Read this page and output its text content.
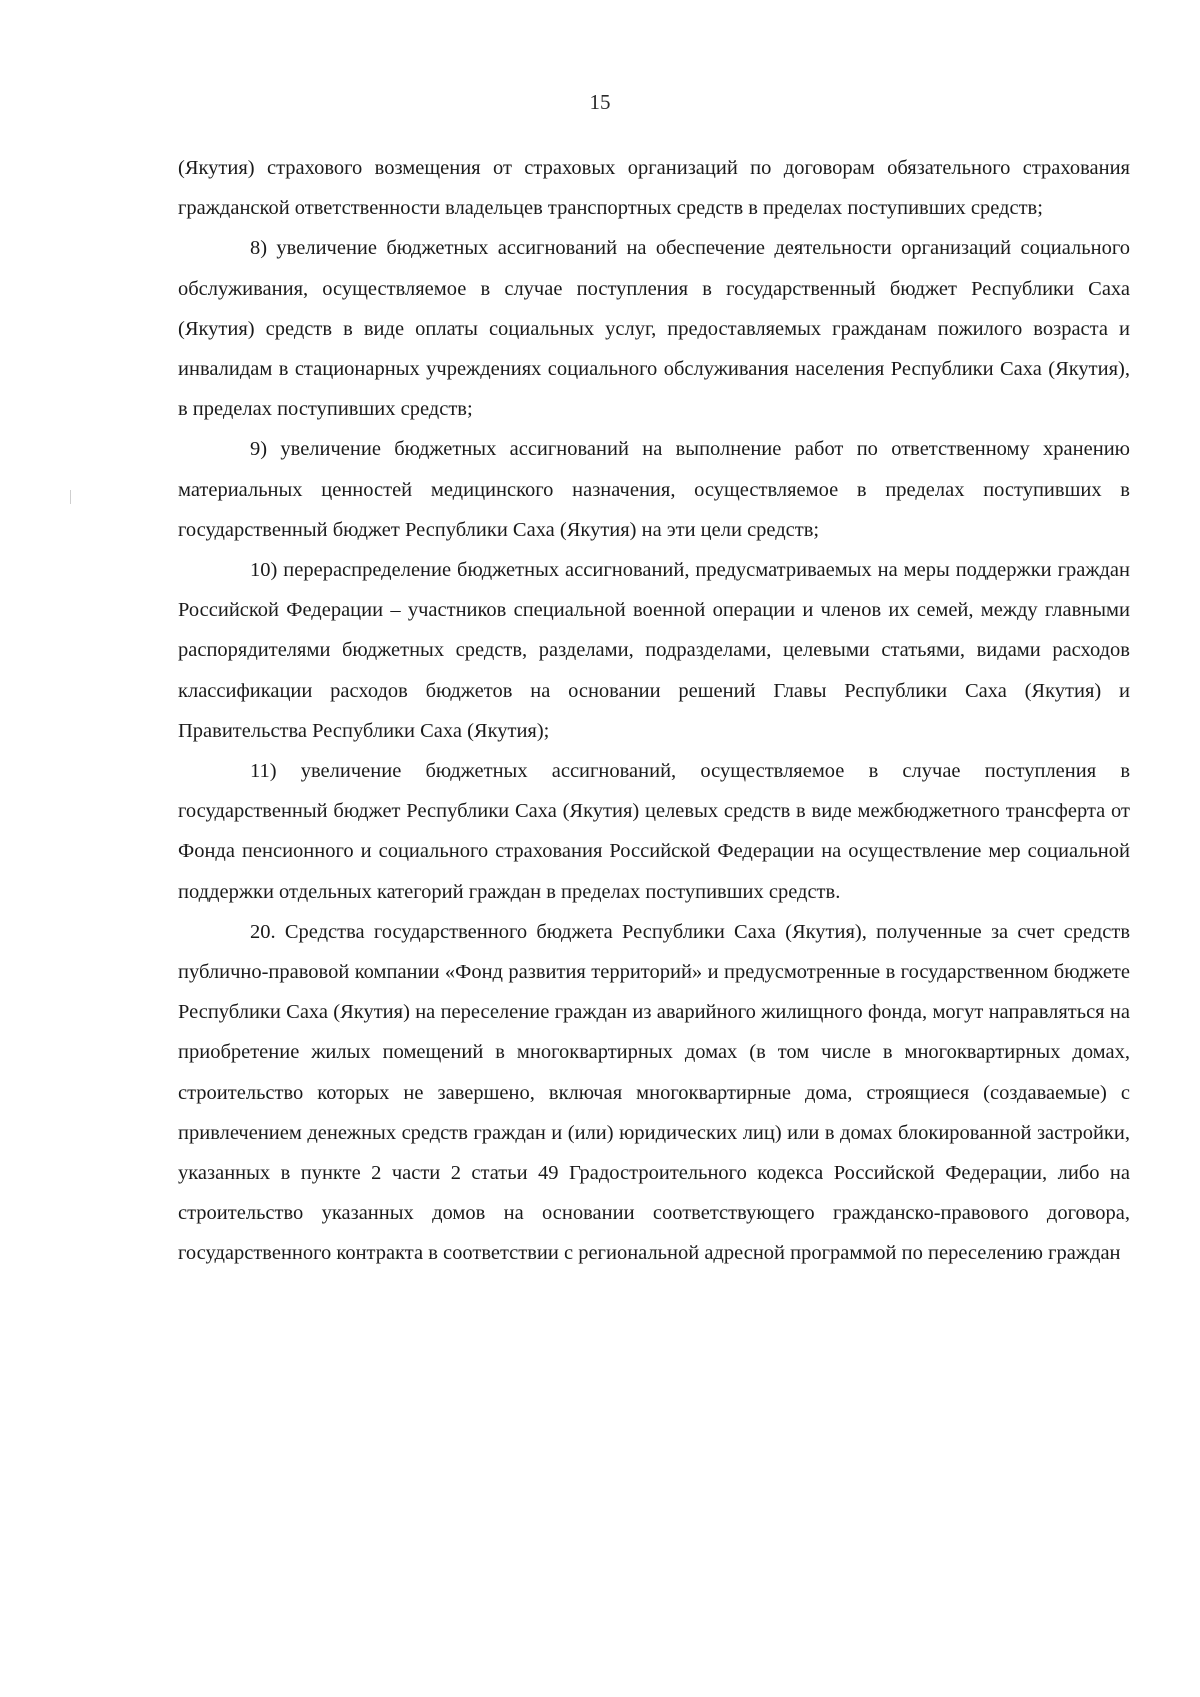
15

(Якутия) страхового возмещения от страховых организаций по договорам обязательного страхования гражданской ответственности владельцев транспортных средств в пределах поступивших средств;

8) увеличение бюджетных ассигнований на обеспечение деятельности организаций социального обслуживания, осуществляемое в случае поступления в государственный бюджет Республики Саха (Якутия) средств в виде оплаты социальных услуг, предоставляемых гражданам пожилого возраста и инвалидам в стационарных учреждениях социального обслуживания населения Республики Саха (Якутия), в пределах поступивших средств;

9) увеличение бюджетных ассигнований на выполнение работ по ответственному хранению материальных ценностей медицинского назначения, осуществляемое в пределах поступивших в государственный бюджет Республики Саха (Якутия) на эти цели средств;

10) перераспределение бюджетных ассигнований, предусматриваемых на меры поддержки граждан Российской Федерации – участников специальной военной операции и членов их семей, между главными распорядителями бюджетных средств, разделами, подразделами, целевыми статьями, видами расходов классификации расходов бюджетов на основании решений Главы Республики Саха (Якутия) и Правительства Республики Саха (Якутия);

11) увеличение бюджетных ассигнований, осуществляемое в случае поступления в государственный бюджет Республики Саха (Якутия) целевых средств в виде межбюджетного трансферта от Фонда пенсионного и социального страхования Российской Федерации на осуществление мер социальной поддержки отдельных категорий граждан в пределах поступивших средств.

20. Средства государственного бюджета Республики Саха (Якутия), полученные за счет средств публично-правовой компании «Фонд развития территорий» и предусмотренные в государственном бюджете Республики Саха (Якутия) на переселение граждан из аварийного жилищного фонда, могут направляться на приобретение жилых помещений в многоквартирных домах (в том числе в многоквартирных домах, строительство которых не завершено, включая многоквартирные дома, строящиеся (создаваемые) с привлечением денежных средств граждан и (или) юридических лиц) или в домах блокированной застройки, указанных в пункте 2 части 2 статьи 49 Градостроительного кодекса Российской Федерации, либо на строительство указанных домов на основании соответствующего гражданско-правового договора, государственного контракта в соответствии с региональной адресной программой по переселению граждан
